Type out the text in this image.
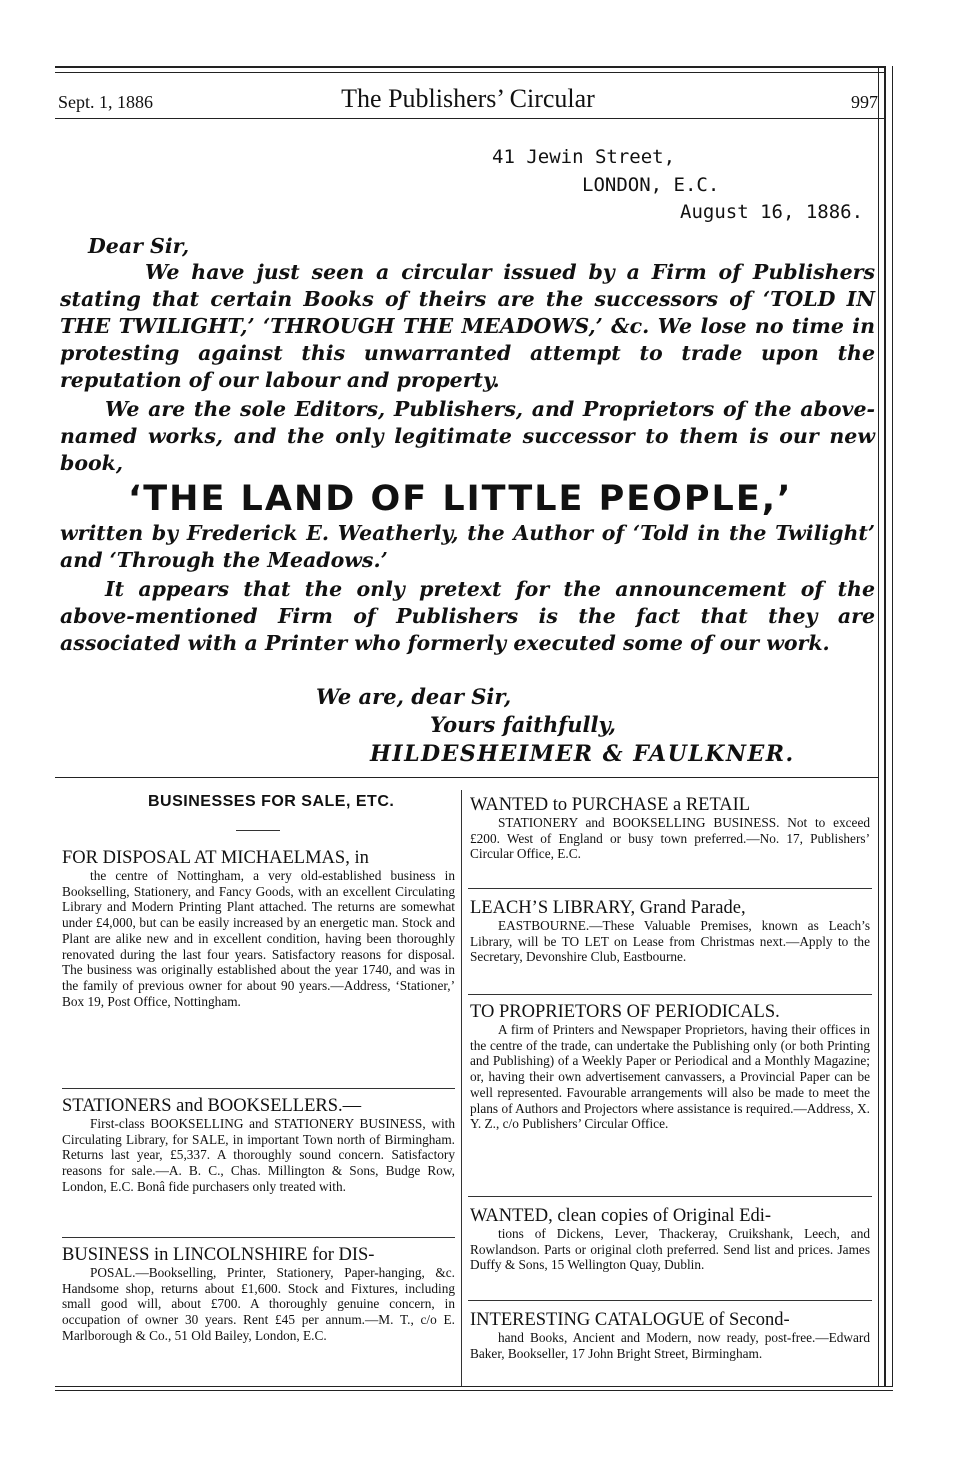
Sept. 1, 1886	The Publishers’ Circular	997
41 Jewin Street,
LONDON, E.C.
August 16, 1886.
Dear Sir,
We have just seen a circular issued by a Firm of Publishers stating that certain Books of theirs are the successors of ‘TOLD IN THE TWILIGHT,’ ‘THROUGH THE MEADOWS,’ &c. We lose no time in protesting against this unwarranted attempt to trade upon the reputation of our labour and property.
We are the sole Editors, Publishers, and Proprietors of the above-named works, and the only legitimate successor to them is our new book,
‘THE LAND OF LITTLE PEOPLE,’
written by Frederick E. Weatherly, the Author of ‘Told in the Twilight’ and ‘Through the Meadows.’
It appears that the only pretext for the announcement of the above-mentioned Firm of Publishers is the fact that they are associated with a Printer who formerly executed some of our work.
We are, dear Sir,
Yours faithfully,
HILDESHEIMER & FAULKNER.
BUSINESSES FOR SALE, ETC.

FOR DISPOSAL AT MICHAELMAS, in

the centre of Nottingham, a very old-established business in Bookselling, Stationery, and Fancy Goods, with an excellent Circulating Library and Modern Printing Plant attached. The returns are somewhat under £4,000, but can be easily increased by an energetic man. Stock and Plant are alike new and in excellent condition, having been thoroughly renovated during the last four years. Satisfactory reasons for disposal. The business was originally established about the year 1740, and was in the family of previous owner for about 90 years.—Address, ‘Stationer,’ Box 19, Post Office, Nottingham.

STATIONERS and BOOKSELLERS.—

First-class BOOKSELLING and STATIONERY BUSINESS, with Circulating Library, for SALE, in important Town north of Birmingham. Returns last year, £5,337. A thoroughly sound concern. Satisfactory reasons for sale.—A. B. C., Chas. Millington & Sons, Budge Row, London, E.C. Bonâ fide purchasers only treated with.

BUSINESS in LINCOLNSHIRE for DIS-

POSAL.—Bookselling, Printer, Stationery, Paper-hanging, &c. Handsome shop, returns about £1,600. Stock and Fixtures, including small good will, about £700. A thoroughly genuine concern, in occupation of owner 30 years. Rent £45 per annum.—M. T., c/o E. Marlborough & Co., 51 Old Bailey, London, E.C.

WANTED to PURCHASE a RETAIL

STATIONERY and BOOKSELLING BUSINESS. Not to exceed £200. West of England or busy town preferred.—No. 17, Publishers’ Circular Office, E.C.

LEACH’S LIBRARY, Grand Parade,

EASTBOURNE.—These Valuable Premises, known as Leach’s Library, will be TO LET on Lease from Christmas next.—Apply to the Secretary, Devonshire Club, Eastbourne.

TO PROPRIETORS OF PERIODICALS.

A firm of Printers and Newspaper Proprietors, having their offices in the centre of the trade, can undertake the Publishing only (or both Printing and Publishing) of a Weekly Paper or Periodical and a Monthly Magazine; or, having their own advertisement canvassers, a Provincial Paper can be well represented. Favourable arrangements will also be made to meet the plans of Authors and Projectors where assistance is required.—Address, X. Y. Z., c/o Publishers’ Circular Office.

WANTED, clean copies of Original Edi-

tions of Dickens, Lever, Thackeray, Cruikshank, Leech, and Rowlandson. Parts or original cloth preferred. Send list and prices. James Duffy & Sons, 15 Wellington Quay, Dublin.

INTERESTING CATALOGUE of Second-

hand Books, Ancient and Modern, now ready, post-free.—Edward Baker, Bookseller, 17 John Bright Street, Birmingham.
